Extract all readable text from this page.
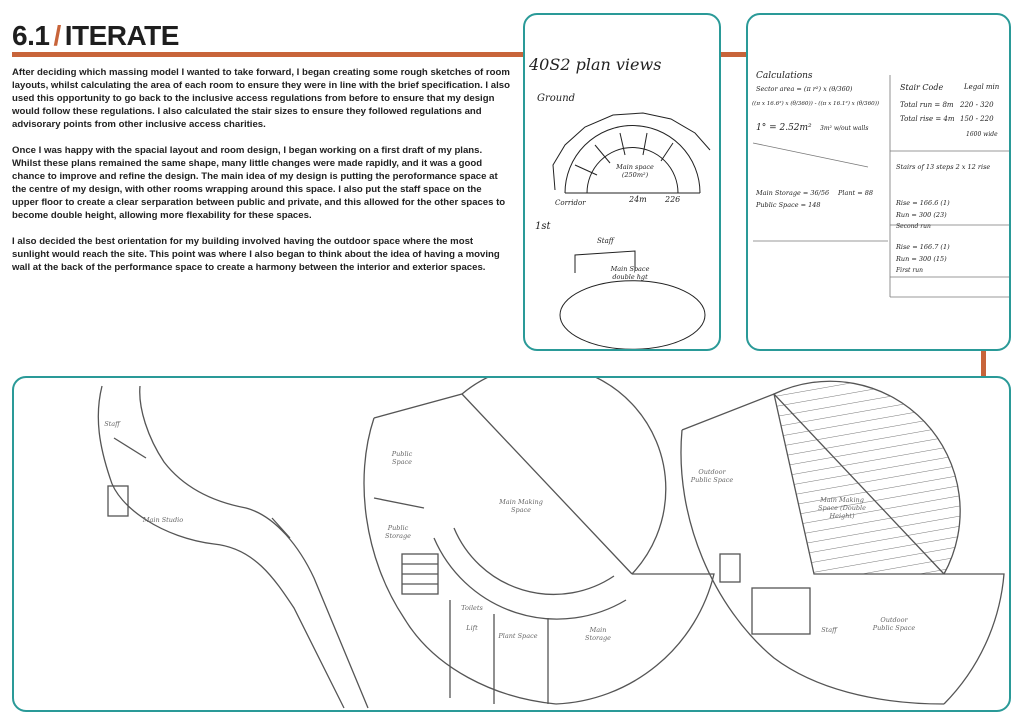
6.1 / ITERATE

After deciding which massing model I wanted to take forward, I began creating some rough sketches of room layouts, whilst calculating the area of each room to ensure they were in line with the brief specification. I also used this opportunity to go back to the inclusive access regulations from before to ensure that my design would follow these regulations. I also calculated the stair sizes to ensure they followed regulations and advisorary points from other inclusive access charities.

Once I was happy with the spacial layout and room design, I began working on a first draft of my plans. Whilst these plans remained the same shape, many little changes were made rapidly, and it was a good chance to improve and refine the design. The main idea of my design is putting the peroformance space at the centre of my design, with other rooms wrapping around this space. I also put the staff space on the upper floor to create a clear serparation between public and private, and this allowed for the other spaces to become double height, allowing more flexability for these spaces.

I also decided the best orientation for my building involved having the outdoor space where the most sunlight would reach the site. This point was where I also began to think about the idea of having a moving wall at the back of the performance space to create a harmony between the interior and exterior spaces.

40S2 plan views
Ground
Main space (250m²)
Corridor	24m 226
1st
Staff
Main Space double hgt
Calculations
Sector area = (π r²) x (θ/360)
((π x 16.6²) x (θ/360)) - ((π x 16.1²) x (θ/360))
1° = 2.52m² 3m² w/out walls
Stair Code	Legal min
Total run = 8m 220 - 320
Total rise = 4m 150 - 220
1600 wide
Main Storage = 36/56
Public Space = 148
Plant = 88
Stairs of 13 steps 2 x 12 rise
Rise = 166.6 (1)
Run = 300 (23)
Second run
Rise = 166.7 (1)
Run = 300 (15)
First run
Staff
Main Studio
Public Space
Public Storage
Main Making Space
Plant Space
Main Storage
Toilets
Lift
Outdoor Public Space
Main Making Space (Double Height)
Staff
Outdoor Public Space
